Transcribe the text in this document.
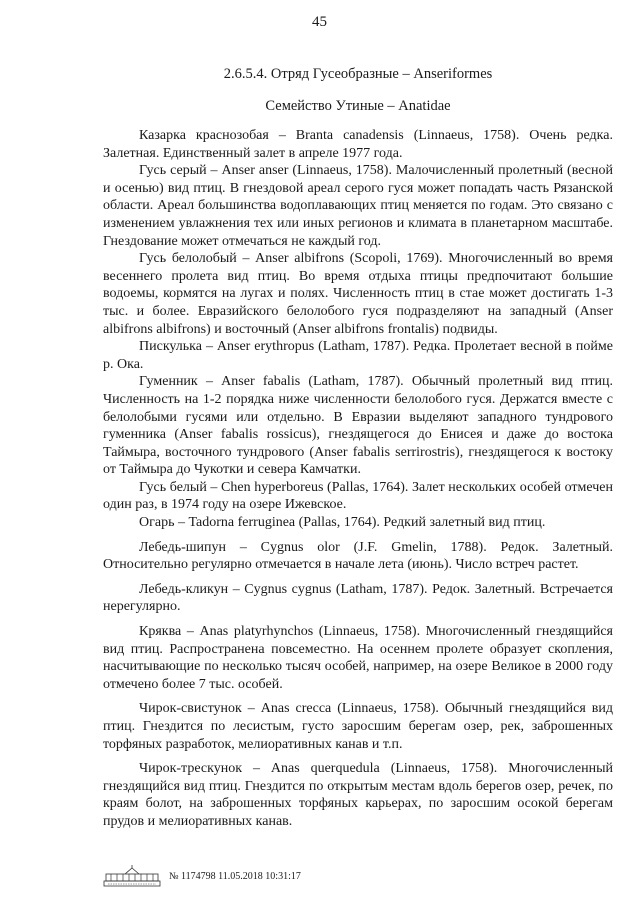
45
2.6.5.4. Отряд Гусеобразные – Anseriformes
Семейство Утиные – Anatidae

Казарка краснозобая – Branta canadensis (Linnaeus, 1758). Очень редка. Залетная. Единственный залет в апреле 1977 года.

Гусь серый – Anser anser (Linnaeus, 1758). Малочисленный пролетный (весной и осенью) вид птиц. В гнездовой ареал серого гуся может попадать часть Рязанской области. Ареал большинства водоплавающих птиц меняется по годам. Это связано с изменением увлажнения тех или иных регионов и климата в планетарном масштабе. Гнездование может отмечаться не каждый год.

Гусь белолобый – Anser albifrons (Scopoli, 1769). Многочисленный во время весеннего пролета вид птиц. Во время отдыха птицы предпочитают большие водоемы, кормятся на лугах и полях. Численность птиц в стае может достигать 1-3 тыс. и более. Евразийского белолобого гуся подразделяют на западный (Anser albifrons albifrons) и восточный (Anser albifrons frontalis) подвиды.

Пискулька – Anser erythropus (Latham, 1787). Редка. Пролетает весной в пойме р. Ока.

Гуменник – Anser fabalis (Latham, 1787). Обычный пролетный вид птиц. Численность на 1-2 порядка ниже численности белолобого гуся. Держатся вместе с белолобыми гусями или отдельно. В Евразии выделяют западного тундрового гуменника (Anser fabalis rossicus), гнездящегося до Енисея и даже до востока Таймыра, восточного тундрового (Anser fabalis serrirostris), гнездящегося к востоку от Таймыра до Чукотки и севера Камчатки.

Гусь белый – Chen hyperboreus (Pallas, 1764). Залет нескольких особей отмечен один раз, в 1974 году на озере Ижевское.

Огарь – Tadorna ferruginea (Pallas, 1764). Редкий залетный вид птиц.

Лебедь-шипун – Cygnus olor (J.F. Gmelin, 1788). Редок. Залетный. Относительно регулярно отмечается в начале лета (июнь). Число встреч растет.

Лебедь-кликун – Cygnus cygnus (Latham, 1787). Редок. Залетный. Встречается нерегулярно.

Кряква – Anas platyrhynchos (Linnaeus, 1758). Многочисленный гнездящийся вид птиц. Распространена повсеместно. На осеннем пролете образует скопления, насчитывающие по несколько тысяч особей, например, на озере Великое в 2000 году отмечено более 7 тыс. особей.

Чирок-свистунок – Anas crecca (Linnaeus, 1758). Обычный гнездящийся вид птиц. Гнездится по лесистым, густо заросшим берегам озер, рек, заброшенных торфяных разработок, мелиоративных канав и т.п.

Чирок-трескунок – Anas querquedula (Linnaeus, 1758). Многочисленный гнездящийся вид птиц. Гнездится по открытым местам вдоль берегов озер, речек, по краям болот, на заброшенных торфяных карьерах, по заросшим осокой берегам прудов и мелиоративных канав.

№ 1174798 11.05.2018 10:31:17
